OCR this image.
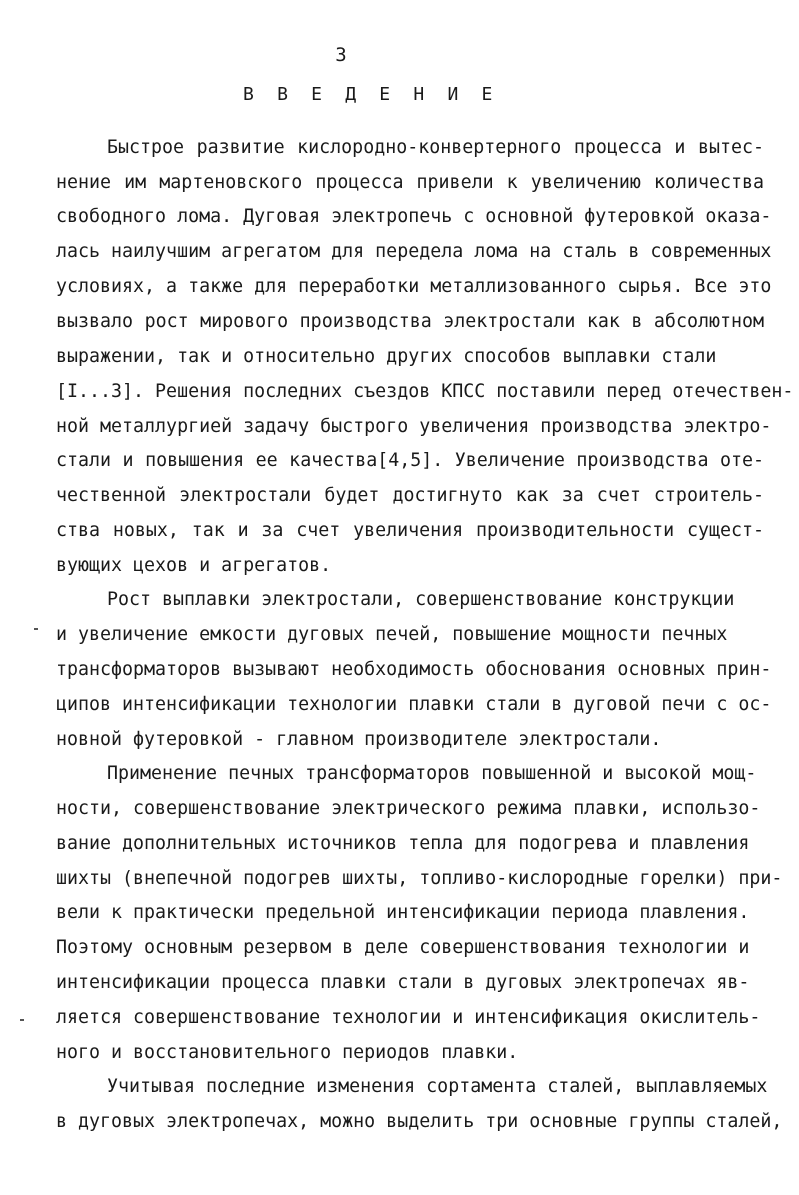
3
В В Е Д Е Н И Е
Быстрое развитие кислородно-конвертерного процесса и вытес-
нение им мартеновского процесса привели к увеличению количества
свободного лома. Дуговая электропечь с основной футеровкой оказа-
лась наилучшим агрегатом для передела лома на сталь в современных
условиях, а также для переработки металлизованного сырья. Все это
вызвало рост мирового производства электростали как в абсолютном
выражении, так и относительно других способов выплавки стали
[I...3]. Решения последних съездов КПСС поставили перед отечествен-
ной металлургией задачу быстрого увеличения производства электро-
стали и повышения ее качества[4,5]. Увеличение производства оте-
чественной электростали будет достигнуто как за счет строитель-
ства новых, так и за счет увеличения производительности сущест-
вующих цехов и агрегатов.
Рост выплавки электростали, совершенствование конструкции
и увеличение емкости дуговых печей, повышение мощности печных
трансформаторов вызывают необходимость обоснования основных прин-
ципов интенсификации технологии плавки стали в дуговой печи с ос-
новной футеровкой - главном производителе электростали.
Применение печных трансформаторов повышенной и высокой мощ-
ности, совершенствование электрического режима плавки, использо-
вание дополнительных источников тепла для подогрева и плавления
шихты (внепечной подогрев шихты, топливо-кислородные горелки) при-
вели к практически предельной интенсификации периода плавления.
Поэтому основным резервом в деле совершенствования технологии и
интенсификации процесса плавки стали в дуговых электропечах яв-
ляется совершенствование технологии и интенсификация окислитель-
ного и восстановительного периодов плавки.
Учитывая последние изменения сортамента сталей, выплавляемых
в дуговых электропечах, можно выделить три основные группы сталей,
